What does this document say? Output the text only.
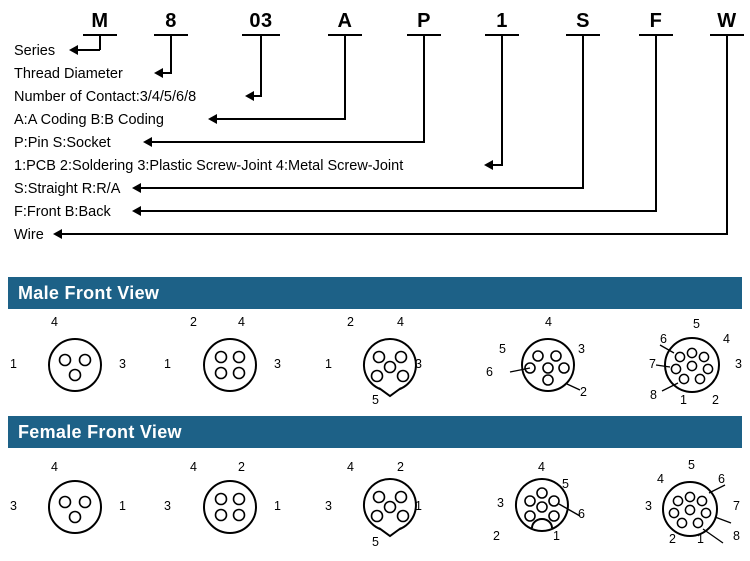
M	8	03	A	P	1	S	F	W
Series
Thread Diameter
Number of Contact:3/4/5/6/8
A:A Coding B:B Coding
P:Pin S:Socket
1:PCB 2:Soldering 3:Plastic Screw-Joint 4:Metal Screw-Joint
S:Straight R:R/A
F:Front B:Back
Wire
Male Front View
4
1	3
2	4
1	3
2	4
1	3
5
4
5	3
6
2
5
6	4
7	3
8 1 2
Female Front View
4
3	1
4	2
3	1
4	2
3	1
5
4
3
5
6
2	1
5
4	6
3	7
2 1 8
